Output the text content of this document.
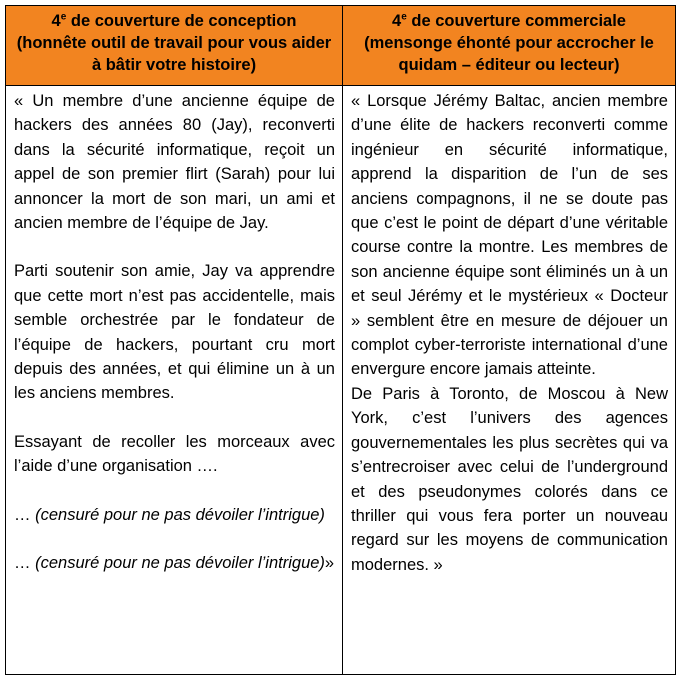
4e de couverture de conception
(honnête outil de travail pour vous aider à bâtir votre histoire)
4e de couverture commerciale
(mensonge éhonté pour accrocher le quidam – éditeur ou lecteur)

« Un membre d’une ancienne équipe de hackers des années 80 (Jay), reconverti dans la sécurité informatique, reçoit un appel de son premier flirt (Sarah) pour lui annoncer la mort de son mari, un ami et ancien membre de l’équipe de Jay.

Parti soutenir son amie, Jay va apprendre que cette mort n’est pas accidentelle, mais semble orchestrée par le fondateur de l’équipe de hackers, pourtant cru mort depuis des années, et qui élimine un à un les anciens membres.

Essayant de recoller les morceaux avec l’aide d’une organisation ….

… (censuré pour ne pas dévoiler l’intrigue)

… (censuré pour ne pas dévoiler l’intrigue)»

« Lorsque Jérémy Baltac, ancien membre d’une élite de hackers reconverti comme ingénieur en sécurité informatique, apprend la disparition de l’un de ses anciens compagnons, il ne se doute pas que c’est le point de départ d’une véritable course contre la montre. Les membres de son ancienne équipe sont éliminés un à un et seul Jérémy et le mystérieux « Docteur » semblent être en mesure de déjouer un complot cyber-terroriste international d’une envergure encore jamais atteinte.

De Paris à Toronto, de Moscou à New York, c’est l’univers des agences gouvernementales les plus secrètes qui va s’entrecroiser avec celui de l’underground et des pseudonymes colorés dans ce thriller qui vous fera porter un nouveau regard sur les moyens de communication modernes. »
